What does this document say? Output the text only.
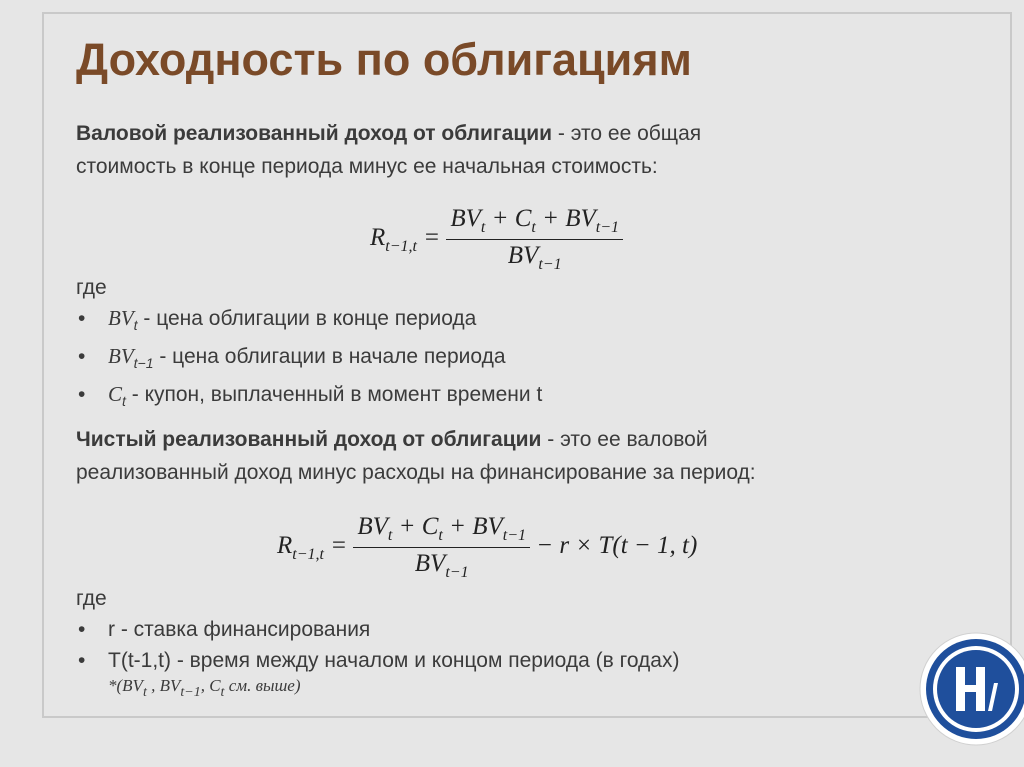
Доходность по облигациям
Валовой реализованный доход от облигации - это ее общая
стоимость в конце периода минус ее начальная стоимость:
$R_{t-1,t} = \frac{BV_t + C_t + BV_{t-1}}{BV_{t-1}}$
где
• $BV_t$ - цена облигации в конце периода
• $BV_{t-1}$ - цена облигации в начале периода
• $C_t$ - купон, выплаченный в момент времени t
Чистый реализованный доход от облигации - это ее валовой
реализованный доход минус расходы на финансирование за период:
$R_{t-1,t} = \frac{BV_t + C_t + BV_{t-1}}{BV_{t-1}} - r \times T(t - 1$, t)
где
• r - ставка финансирования
• T(t-1,t) - время между началом и концом периода (в годах)
$*(BV_t$ , $BV_{t-1}$, $C_t$ см. выше)
